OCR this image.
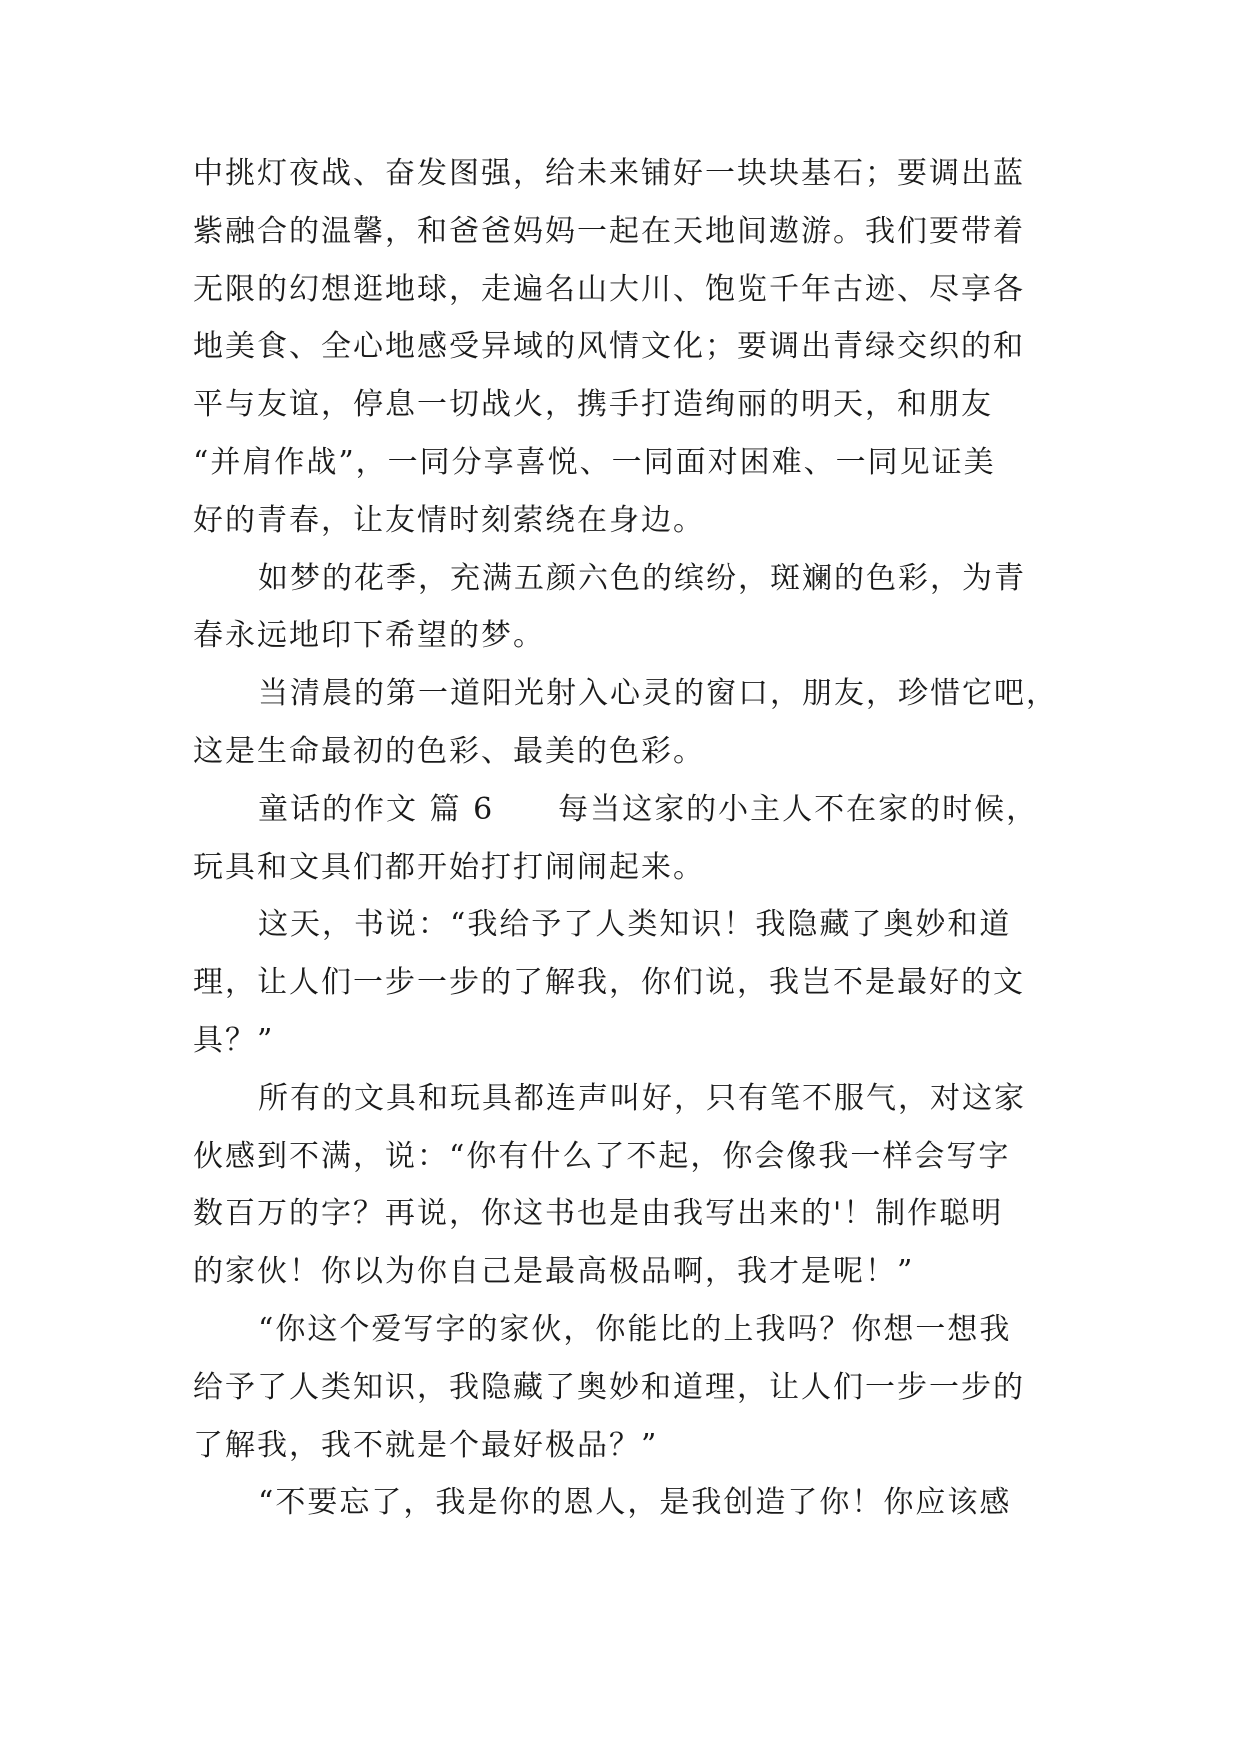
中挑灯夜战、奋发图强，给未来铺好一块块基石；要调出蓝
紫融合的温馨，和爸爸妈妈一起在天地间遨游。我们要带着
无限的幻想逛地球，走遍名山大川、饱览千年古迹、尽享各
地美食、全心地感受异域的风情文化；要调出青绿交织的和
平与友谊，停息一切战火，携手打造绚丽的明天，和朋友
“并肩作战”，一同分享喜悦、一同面对困难、一同见证美
好的青春，让友情时刻萦绕在身边。
如梦的花季，充满五颜六色的缤纷，斑斓的色彩，为青
春永远地印下希望的梦。
当清晨的第一道阳光射入心灵的窗口，朋友，珍惜它吧，
这是生命最初的色彩、最美的色彩。
童话的作文 篇 6 每当这家的小主人不在家的时候，
玩具和文具们都开始打打闹闹起来。
这天，书说：“我给予了人类知识！我隐藏了奥妙和道
理，让人们一步一步的了解我，你们说，我岂不是最好的文
具？”
所有的文具和玩具都连声叫好，只有笔不服气，对这家
伙感到不满，说：“你有什么了不起，你会像我一样会写字
数百万的字？再说，你这书也是由我写出来的'！制作聪明
的家伙！你以为你自己是最高极品啊，我才是呢！”
“你这个爱写字的家伙，你能比的上我吗？你想一想我
给予了人类知识，我隐藏了奥妙和道理，让人们一步一步的
了解我，我不就是个最好极品？”
“不要忘了，我是你的恩人，是我创造了你！你应该感
